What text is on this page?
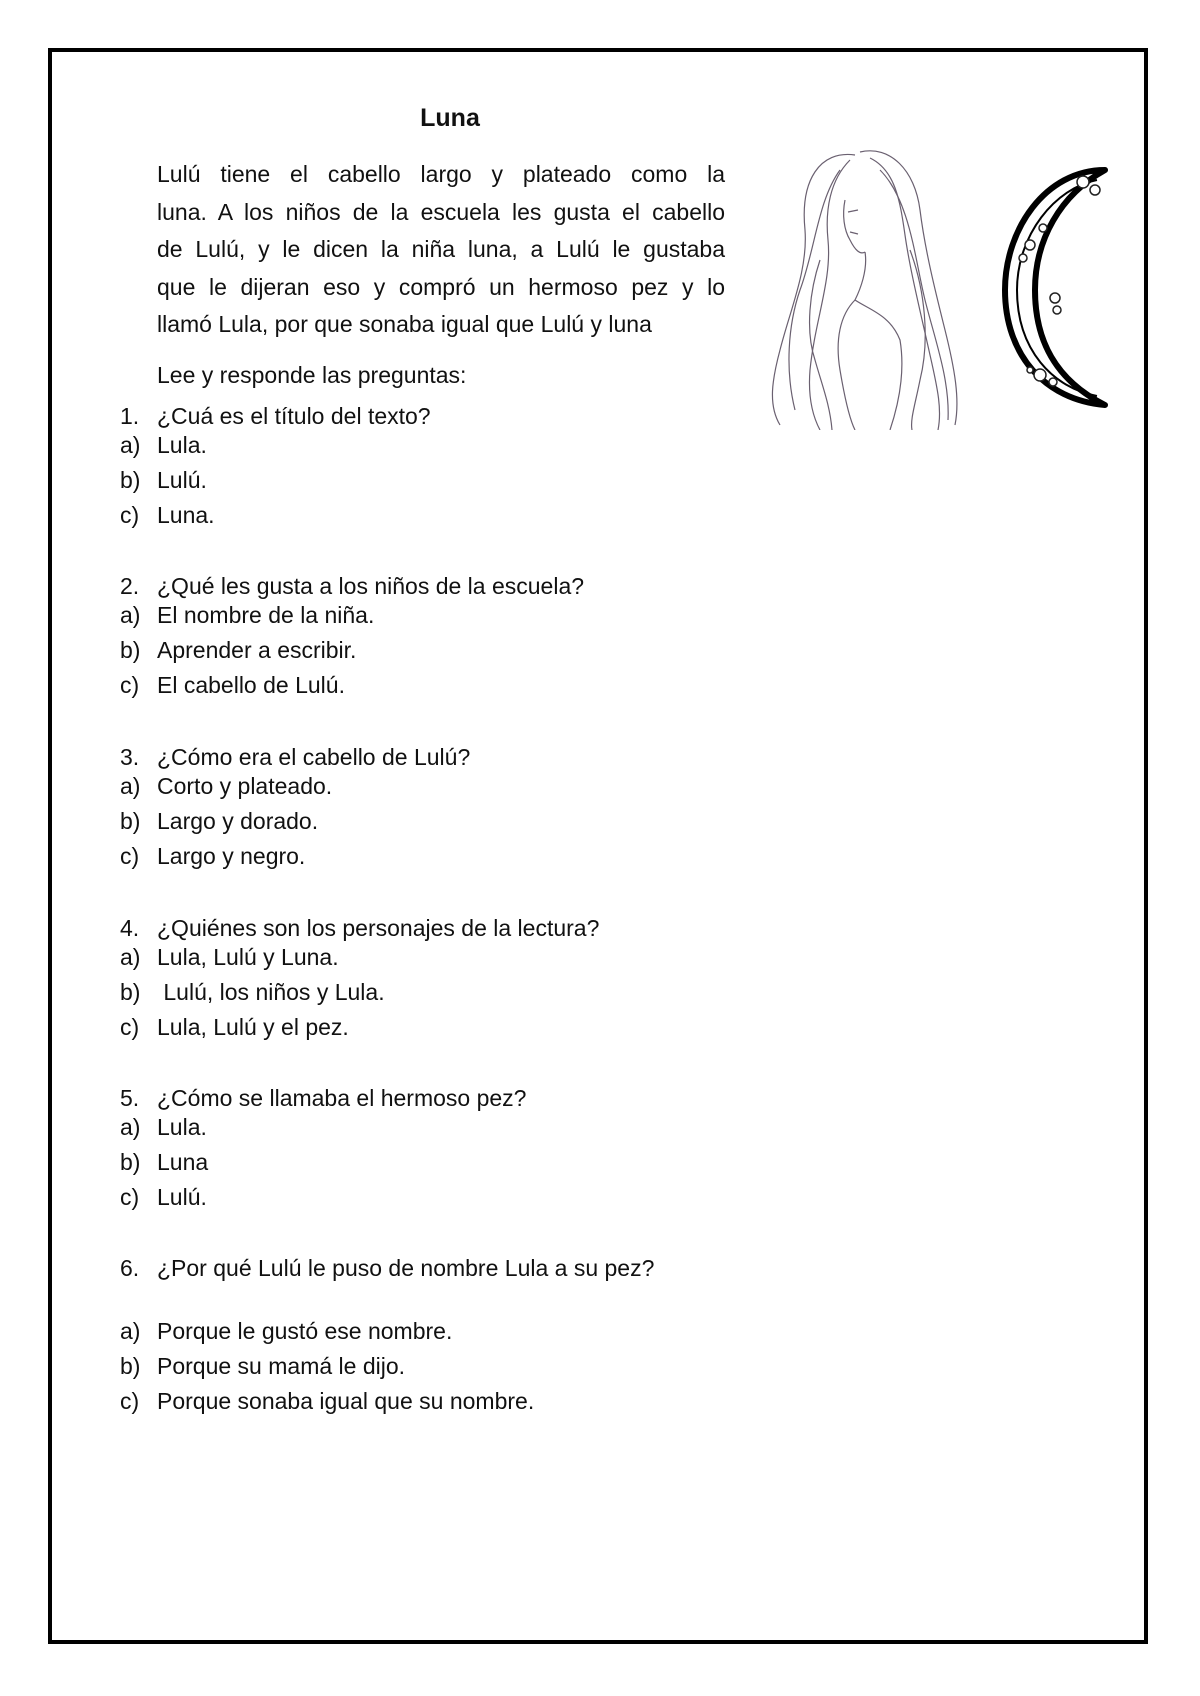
Luna
Lulú tiene el cabello largo y plateado como la
luna. A los niños de la escuela les gusta el cabello
de Lulú, y le dicen la niña luna, a Lulú le gustaba
que le dijeran eso y compró un hermoso pez y lo
llamó Lula, por que sonaba igual que Lulú y luna
Lee y responde las preguntas:
1. ¿Cuá es el título del texto?
a) Lula.
b) Lulú.
c) Luna.
2. ¿Qué les gusta a los niños de la escuela?
a) El nombre de la niña.
b) Aprender a escribir.
c) El cabello de Lulú.
3. ¿Cómo era el cabello de Lulú?
a) Corto y plateado.
b) Largo y dorado.
c) Largo y negro.
4. ¿Quiénes son los personajes de la lectura?
a) Lula, Lulú y Luna.
b) Lulú, los niños y Lula.
c) Lula, Lulú y el pez.
5. ¿Cómo se llamaba el hermoso pez?
a) Lula.
b) Luna
c) Lulú.
6. ¿Por qué Lulú le puso de nombre Lula a su pez?
a) Porque le gustó ese nombre.
b) Porque su mamá le dijo.
c) Porque sonaba igual que su nombre.
